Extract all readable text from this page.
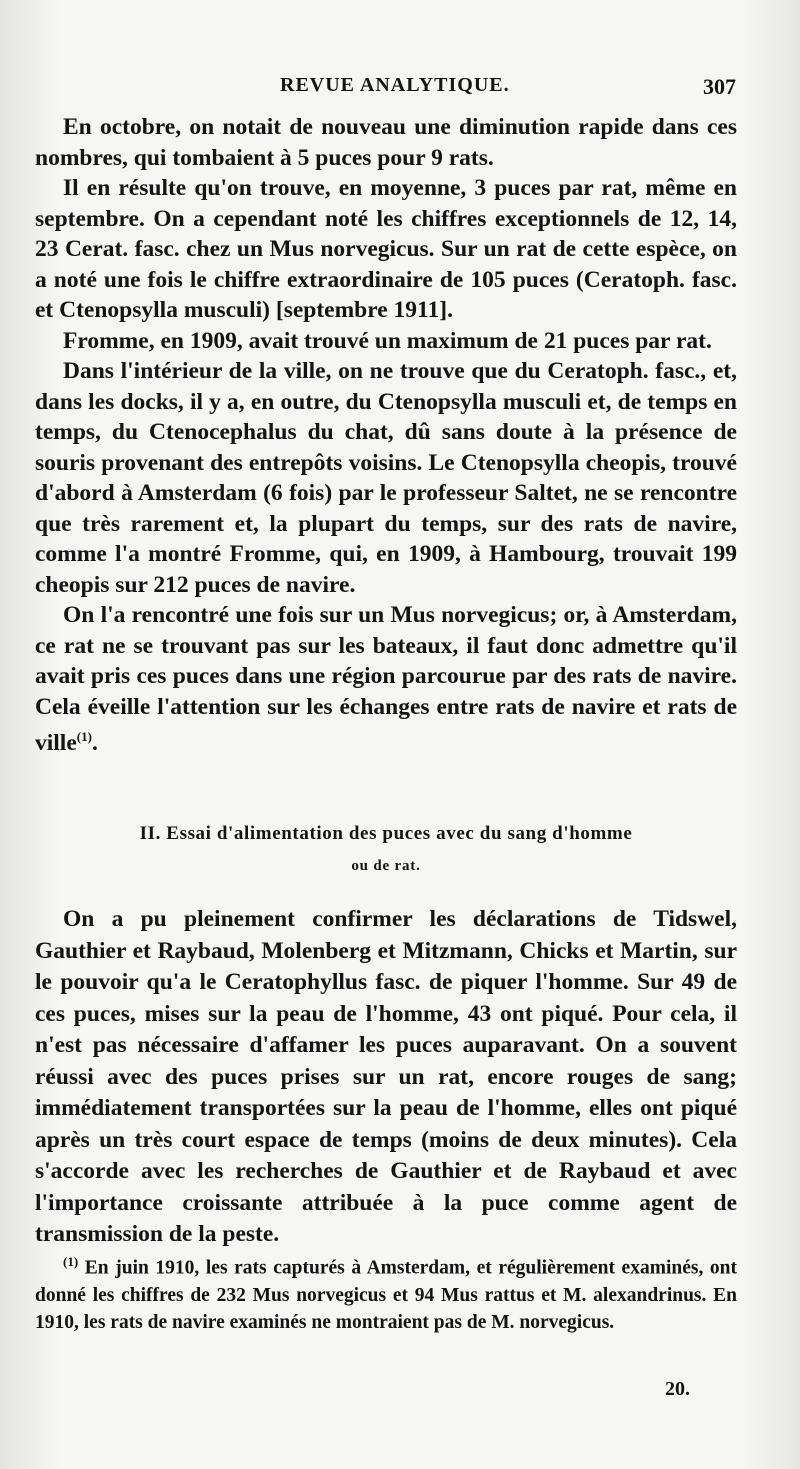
REVUE ANALYTIQUE.	307

En octobre, on notait de nouveau une diminution rapide dans ces nombres, qui tombaient à 5 puces pour 9 rats.

Il en résulte qu'on trouve, en moyenne, 3 puces par rat, même en septembre. On a cependant noté les chiffres exceptionnels de 12, 14, 23 Cerat. fasc. chez un Mus norvegicus. Sur un rat de cette espèce, on a noté une fois le chiffre extraordinaire de 105 puces (Ceratoph. fasc. et Ctenopsylla musculi) [septembre 1911].

Fromme, en 1909, avait trouvé un maximum de 21 puces par rat.

Dans l'intérieur de la ville, on ne trouve que du Ceratoph. fasc., et, dans les docks, il y a, en outre, du Ctenopsylla musculi et, de temps en temps, du Ctenocephalus du chat, dû sans doute à la présence de souris provenant des entrepôts voisins. Le Ctenopsylla cheopis, trouvé d'abord à Amsterdam (6 fois) par le professeur Saltet, ne se rencontre que très rarement et, la plupart du temps, sur des rats de navire, comme l'a montré Fromme, qui, en 1909, à Hambourg, trouvait 199 cheopis sur 212 puces de navire.

On l'a rencontré une fois sur un Mus norvegicus; or, à Amsterdam, ce rat ne se trouvant pas sur les bateaux, il faut donc admettre qu'il avait pris ces puces dans une région parcourue par des rats de navire. Cela éveille l'attention sur les échanges entre rats de navire et rats de ville$^{(1)}$.

II. Essai d'alimentation des puces avec du sang d'homme
ou de rat.

On a pu pleinement confirmer les déclarations de Tidswel, Gauthier et Raybaud, Molenberg et Mitzmann, Chicks et Martin, sur le pouvoir qu'a le Ceratophyllus fasc. de piquer l'homme. Sur 49 de ces puces, mises sur la peau de l'homme, 43 ont piqué. Pour cela, il n'est pas nécessaire d'affamer les puces auparavant. On a souvent réussi avec des puces prises sur un rat, encore rouges de sang; immédiatement transportées sur la peau de l'homme, elles ont piqué après un très court espace de temps (moins de deux minutes). Cela s'accorde avec les recherches de Gauthier et de Raybaud et avec l'importance croissante attribuée à la puce comme agent de transmission de la peste.

$^{(1)}$ En juin 1910, les rats capturés à Amsterdam, et régulièrement examinés, ont donné les chiffres de 232 Mus norvegicus et 94 Mus rattus et M. alexandrinus. En 1910, les rats de navire examinés ne montraient pas de M. norvegicus.

20.
